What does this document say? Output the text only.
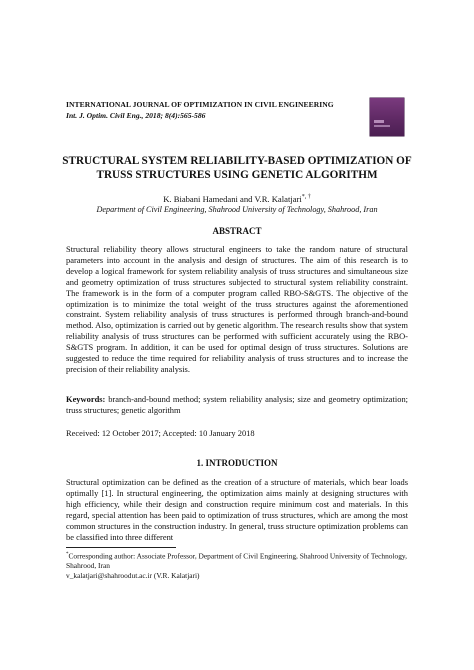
INTERNATIONAL JOURNAL OF OPTIMIZATION IN CIVIL ENGINEERING
Int. J. Optim. Civil Eng., 2018; 8(4):565-586
STRUCTURAL SYSTEM RELIABILITY-BASED OPTIMIZATION OF TRUSS STRUCTURES USING GENETIC ALGORITHM
K. Biabani Hamedani and V.R. Kalatjari*, †
Department of Civil Engineering, Shahrood University of Technology, Shahrood, Iran
ABSTRACT
Structural reliability theory allows structural engineers to take the random nature of structural parameters into account in the analysis and design of structures. The aim of this research is to develop a logical framework for system reliability analysis of truss structures and simultaneous size and geometry optimization of truss structures subjected to structural system reliability constraint. The framework is in the form of a computer program called RBO-S&GTS. The objective of the optimization is to minimize the total weight of the truss structures against the aforementioned constraint. System reliability analysis of truss structures is performed through branch-and-bound method. Also, optimization is carried out by genetic algorithm. The research results show that system reliability analysis of truss structures can be performed with sufficient accurately using the RBO-S&GTS program. In addition, it can be used for optimal design of truss structures. Solutions are suggested to reduce the time required for reliability analysis of truss structures and to increase the precision of their reliability analysis.
Keywords: branch-and-bound method; system reliability analysis; size and geometry optimization; truss structures; genetic algorithm
Received: 12 October 2017; Accepted: 10 January 2018
1. INTRODUCTION
Structural optimization can be defined as the creation of a structure of materials, which bear loads optimally [1]. In structural engineering, the optimization aims mainly at designing structures with high efficiency, while their design and construction require minimum cost and materials. In this regard, special attention has been paid to optimization of truss structures, which are among the most common structures in the construction industry. In general, truss structure optimization problems can be classified into three different
*Corresponding author: Associate Professor, Department of Civil Engineering, Shahrood University of Technology, Shahrood, Iran
v_kalatjari@shahroodut.ac.ir (V.R. Kalatjari)
